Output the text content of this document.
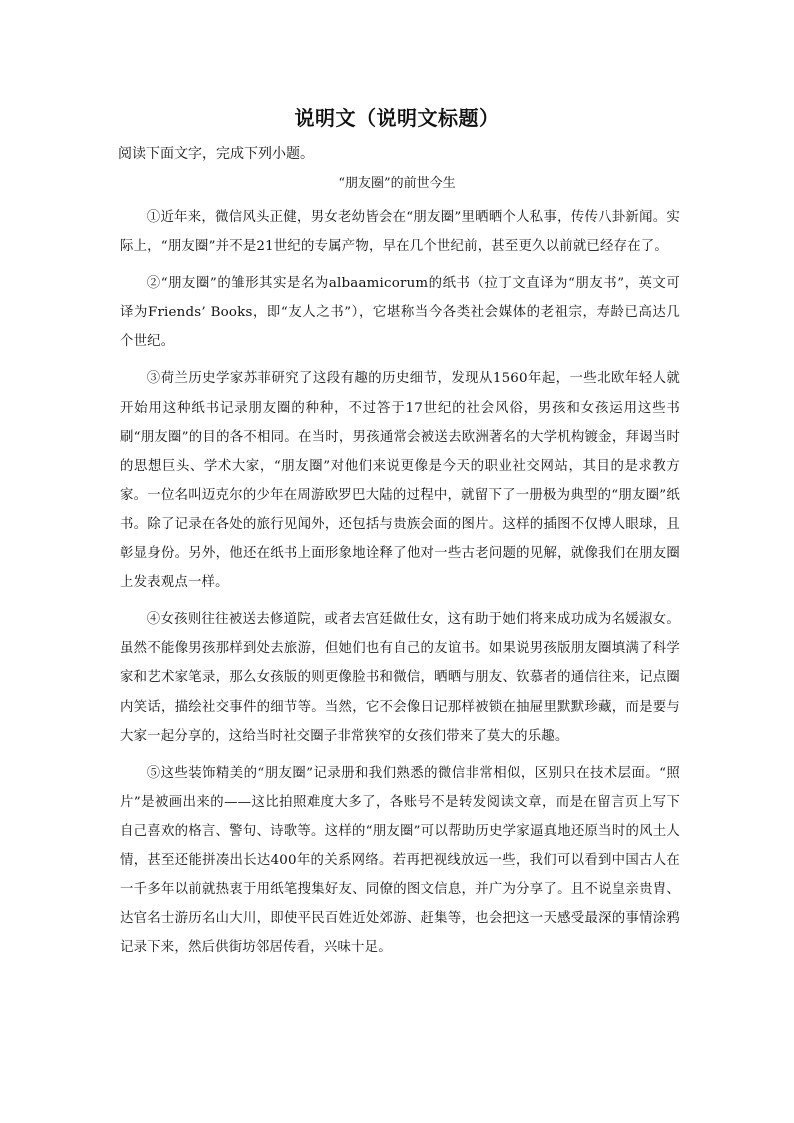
说明文（说明文标题）
阅读下面文字，完成下列小题。
“朋友圈”的前世今生

①近年来，微信风头正健，男女老幼皆会在“朋友圈”里晒晒个人私事，传传八卦新闻。实际上，“朋友圈”并不是21世纪的专属产物，早在几个世纪前，甚至更久以前就已经存在了。

②“朋友圈”的雏形其实是名为albaamicorum的纸书（拉丁文直译为“朋友书”，英文可译为Friends’ Books，即“友人之书”），它堪称当今各类社会媒体的老祖宗，寿龄已高达几个世纪。

③荷兰历史学家苏菲研究了这段有趣的历史细节，发现从1560年起，一些北欧年轻人就开始用这种纸书记录朋友圈的种种，不过答于17世纪的社会风俗，男孩和女孩运用这些书刷“朋友圈”的目的各不相同。在当时，男孩通常会被送去欧洲著名的大学机构镀金，拜谒当时的思想巨头、学术大家，“朋友圈”对他们来说更像是今天的职业社交网站，其目的是求教方家。一位名叫迈克尔的少年在周游欧罗巴大陆的过程中，就留下了一册极为典型的“朋友圈”纸书。除了记录在各处的旅行见闻外，还包括与贵族会面的图片。这样的插图不仅博人眼球，且彰显身份。另外，他还在纸书上面形象地诠释了他对一些古老问题的见解，就像我们在朋友圈上发表观点一样。

④女孩则往往被送去修道院，或者去宫廷做仕女，这有助于她们将来成功成为名媛淑女。虽然不能像男孩那样到处去旅游，但她们也有自己的友谊书。如果说男孩版朋友圈填满了科学家和艺术家笔录，那么女孩版的则更像脸书和微信，晒晒与朋友、钦慕者的通信往来，记点圈内笑话，描绘社交事件的细节等。当然，它不会像日记那样被锁在抽屉里默默珍藏，而是要与大家一起分享的，这给当时社交圈子非常狭窄的女孩们带来了莫大的乐趣。

⑤这些装饰精美的“朋友圈”记录册和我们熟悉的微信非常相似，区别只在技术层面。“照片”是被画出来的——这比拍照难度大多了，各账号不是转发阅读文章，而是在留言页上写下自己喜欢的格言、警句、诗歌等。这样的“朋友圈”可以帮助历史学家逼真地还原当时的风土人情，甚至还能拼凑出长达400年的关系网络。若再把视线放远一些，我们可以看到中国古人在一千多年以前就热衷于用纸笔搜集好友、同僚的图文信息，并广为分享了。且不说皇亲贵胄、达官名士游历名山大川，即使平民百姓近处郊游、赶集等，也会把这一天感受最深的事情涂鸦记录下来，然后供街坊邻居传看，兴味十足。
